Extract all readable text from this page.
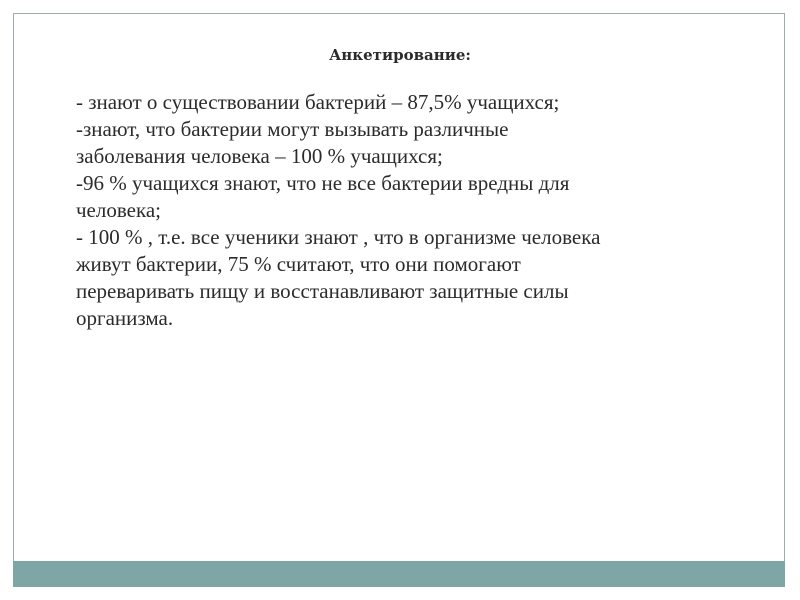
Анкетирование:
- знают о существовании бактерий – 87,5% учащихся;
-знают, что бактерии могут вызывать различные
заболевания человека – 100 % учащихся;
-96 % учащихся знают, что не все бактерии вредны для
человека;
- 100 % , т.е. все ученики знают , что в организме человека
живут бактерии, 75 % считают, что они помогают
переваривать пищу и восстанавливают защитные силы
организма.
